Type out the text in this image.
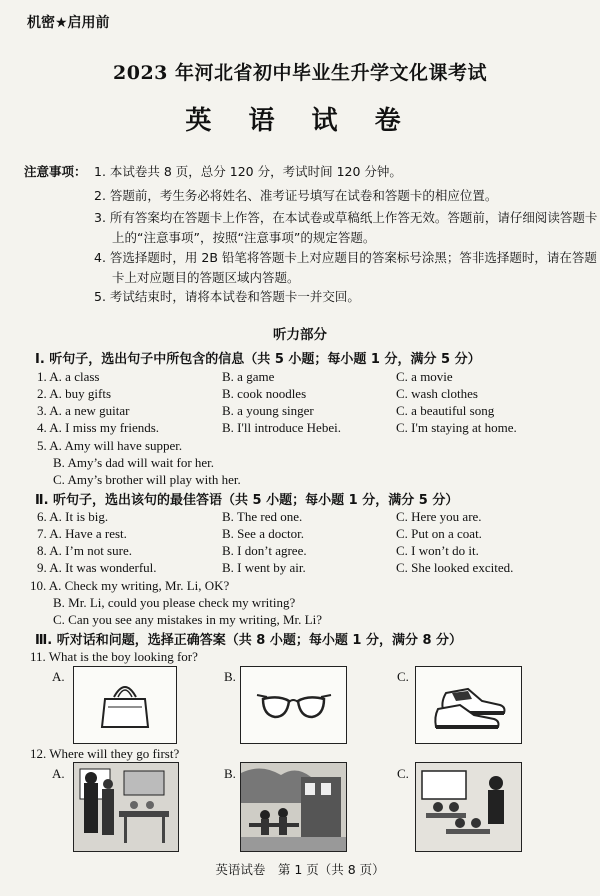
机密★启用前
2023 年河北省初中毕业生升学文化课考试
英 语 试 卷
注意事项： 1. 本试卷共 8 页，总分 120 分，考试时间 120 分钟。
2. 答题前，考生务必将姓名、准考证号填写在试卷和答题卡的相应位置。
3. 所有答案均在答题卡上作答，在本试卷或草稿纸上作答无效。答题前，请仔细阅读答题卡上的“注意事项”，按照“注意事项”的规定答题。
4. 答选择题时，用 2B 铅笔将答题卡上对应题目的答案标号涂黑；答非选择题时，请在答题卡上对应题目的答题区域内答题。
5. 考试结束时，请将本试卷和答题卡一并交回。
听力部分
Ⅰ. 听句子，选出句子中所包含的信息（共 5 小题；每小题 1 分，满分 5 分）
1. A. a class	B. a game	C. a movie
2. A. buy gifts	B. cook noodles	C. wash clothes
3. A. a new guitar	B. a young singer	C. a beautiful song
4. A. I miss my friends.	B. I'll introduce Hebei.	C. I'm staying at home.
5. A. Amy will have supper.
B. Amy’s dad will wait for her.
C. Amy’s brother will play with her.
Ⅱ. 听句子，选出该句的最佳答语（共 5 小题；每小题 1 分，满分 5 分）
6. A. It is big.	B. The red one.	C. Here you are.
7. A. Have a rest.	B. See a doctor.	C. Put on a coat.
8. A. I’m not sure.	B. I don’t agree.	C. I won’t do it.
9. A. It was wonderful.	B. I went by air.	C. She looked excited.
10. A. Check my writing, Mr. Li, OK?
B. Mr. Li, could you please check my writing?
C. Can you see any mistakes in my writing, Mr. Li?
Ⅲ. 听对话和问题，选择正确答案（共 8 小题；每小题 1 分，满分 8 分）
11. What is the boy looking for?
A.	B.	C.
12. Where will they go first?
A.	B.	C.
英语试卷　第 1 页（共 8 页）
